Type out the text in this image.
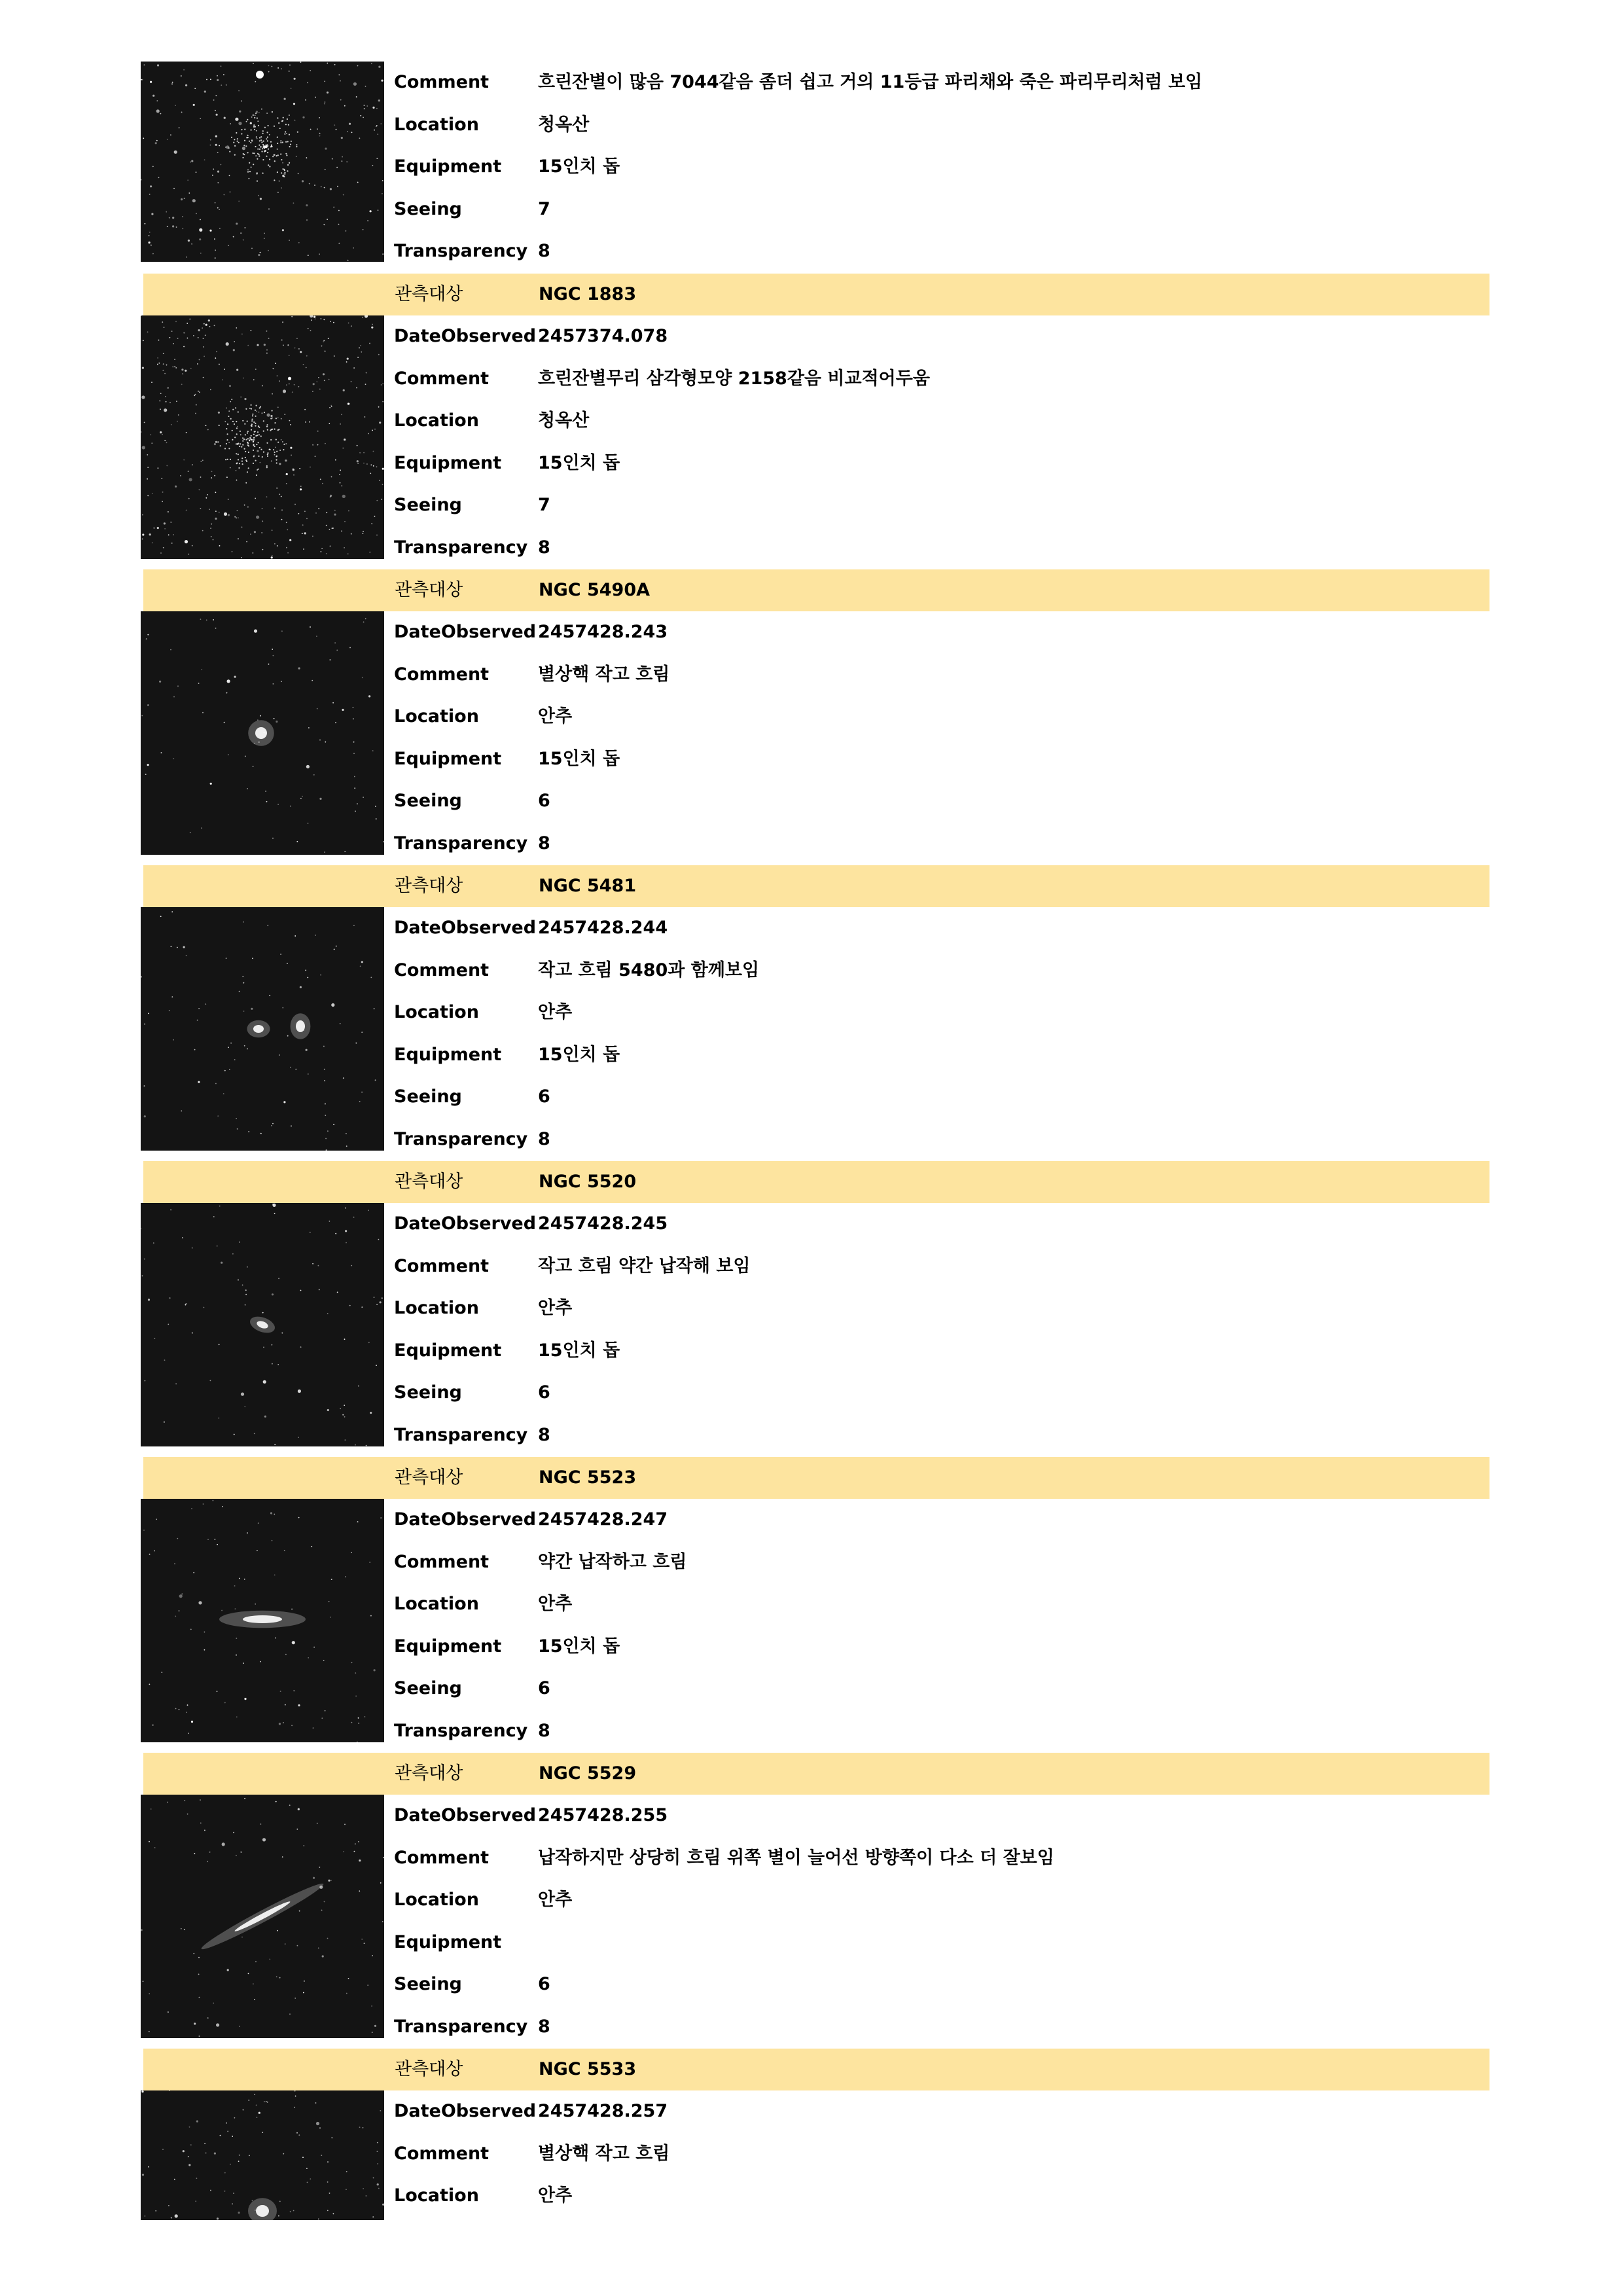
Comment	흐린잔별이 많음 7044같음 좀더 쉽고 거의 11등급 파리채와 죽은 파리무리처럼 보임
Location	청옥산
Equipment 15인치 돕
Seeing	7
Transparency 8
관측대상	NGC 1883
DateObserved 2457374.078
Comment	흐린잔별무리 삼각형모양 2158같음 비교적어두움
Location	청옥산
Equipment 15인치 돕
Seeing	7
Transparency 8
관측대상	NGC 5490A
DateObserved 2457428.243
Comment	별상핵 작고 흐림
Location	안추
Equipment 15인치 돕
Seeing	6
Transparency 8
관측대상	NGC 5481
DateObserved 2457428.244
Comment	작고 흐림 5480과 함께보임
Location	안추
Equipment 15인치 돕
Seeing	6
Transparency 8
관측대상	NGC 5520
DateObserved 2457428.245
Comment	작고 흐림 약간 납작해 보임
Location	안추
Equipment 15인치 돕
Seeing	6
Transparency 8
관측대상	NGC 5523
DateObserved 2457428.247
Comment	약간 납작하고 흐림
Location	안추
Equipment 15인치 돕
Seeing	6
Transparency 8
관측대상	NGC 5529
DateObserved 2457428.255
Comment	납작하지만 상당히 흐림 위쪽 별이 늘어선 방향쪽이 다소 더 잘보임
Location	안추
Equipment
Seeing	6
Transparency 8
관측대상	NGC 5533
DateObserved 2457428.257
Comment	별상핵 작고 흐림
Location	안추
